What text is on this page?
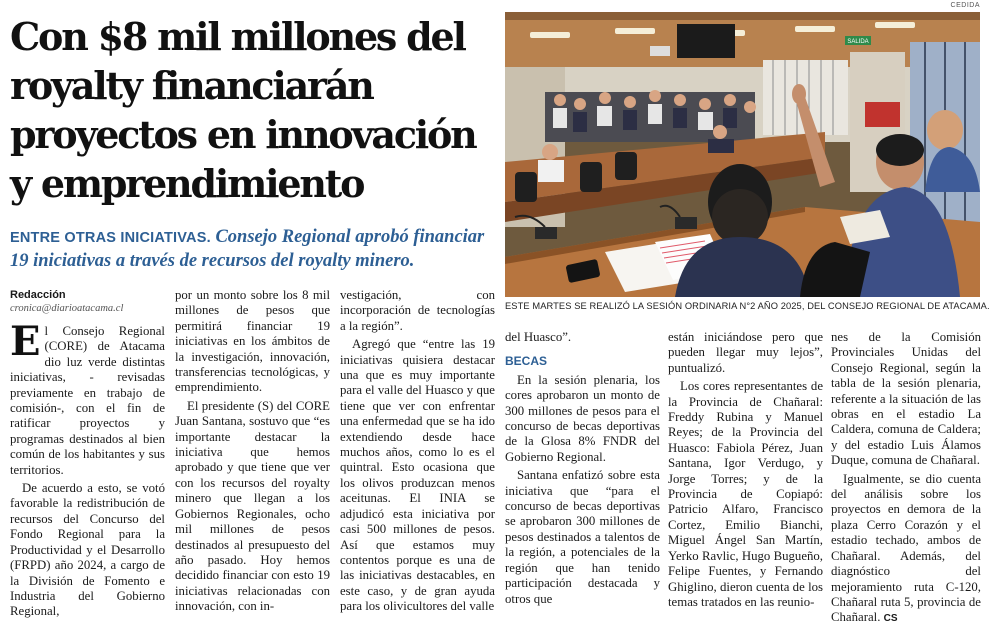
Con $8 mil millones del royalty financiarán proyectos en innovación y emprendimiento
ENTRE OTRAS INICIATIVAS. Consejo Regional aprobó financiar 19 iniciativas a través de recursos del royalty minero.
CEDIDA
SALIDA
ESTE MARTES SE REALIZÓ LA SESIÓN ORDINARIA N°2 AÑO 2025, DEL CONSEJO REGIONAL DE ATACAMA.

Redacción

cronica@diarioatacama.cl

El Consejo Regional (CORE) de Atacama dio luz verde distintas iniciativas, - revisadas previamente en trabajo de comisión-, con el fin de ratificar proyectos y programas destinados al bien común de los habitantes y sus territorios.

De acuerdo a esto, se votó favorable la redistribución de recursos del Concurso del Fondo Regional para la Productividad y el Desarrollo (FRPD) año 2024, a cargo de la División de Fomento e Industria del Gobierno Regional,

por un monto sobre los 8 mil millones de pesos que permitirá financiar 19 iniciativas en los ámbitos de la investigación, innovación, transferencias tecnológicas, y emprendimiento.

El presidente (S) del CORE Juan Santana, sostuvo que “es importante destacar la iniciativa que hemos aprobado y que tiene que ver con los recursos del royalty minero que llegan a los Gobiernos Regionales, ocho mil millones de pesos destinados al presupuesto del año pasado. Hoy hemos decidido financiar con esto 19 iniciativas relacionadas con innovación, con in-

vestigación, con incorporación de tecnologías a la región”.

Agregó que “entre las 19 iniciativas quisiera destacar una que es muy importante para el valle del Huasco y que tiene que ver con enfrentar una enfermedad que se ha ido extendiendo desde hace muchos años, como lo es el quintral. Esto ocasiona que los olivos produzcan menos aceitunas. El INIA se adjudicó esta iniciativa por casi 500 millones de pesos. Así que estamos muy contentos porque es una de las iniciativas destacables, en este caso, y de gran ayuda para los olivicultores del valle

del Huasco”.

BECAS

En la sesión plenaria, los cores aprobaron un monto de 300 millones de pesos para el concurso de becas deportivas de la Glosa 8% FNDR del Gobierno Regional.

Santana enfatizó sobre esta iniciativa que “para el concurso de becas deportivas se aprobaron 300 millones de pesos destinados a talentos de la región, a potenciales de la región que han tenido participación destacada y otros que

están iniciándose pero que pueden llegar muy lejos”, puntualizó.

Los cores representantes de la Provincia de Chañaral: Freddy Rubina y Manuel Reyes; de la Provincia del Huasco: Fabiola Pérez, Juan Santana, Igor Verdugo, y Jorge Torres; y de la Provincia de Copiapó: Patricio Alfaro, Francisco Cortez, Emilio Bianchi, Miguel Ángel San Martín, Yerko Ravlic, Hugo Bugueño, Felipe Fuentes, y Fernando Ghiglino, dieron cuenta de los temas tratados en las reunio-

nes de la Comisión Provinciales Unidas del Consejo Regional, según la tabla de la sesión plenaria, referente a la situación de las obras en el estadio La Caldera, comuna de Caldera; y del estadio Luis Álamos Duque, comuna de Chañaral.

Igualmente, se dio cuenta del análisis sobre los proyectos en demora de la plaza Cerro Corazón y el estadio techado, ambos de Chañaral. Además, del diagnóstico del mejoramiento ruta C-120, Chañaral ruta 5, provincia de Chañaral. CS
